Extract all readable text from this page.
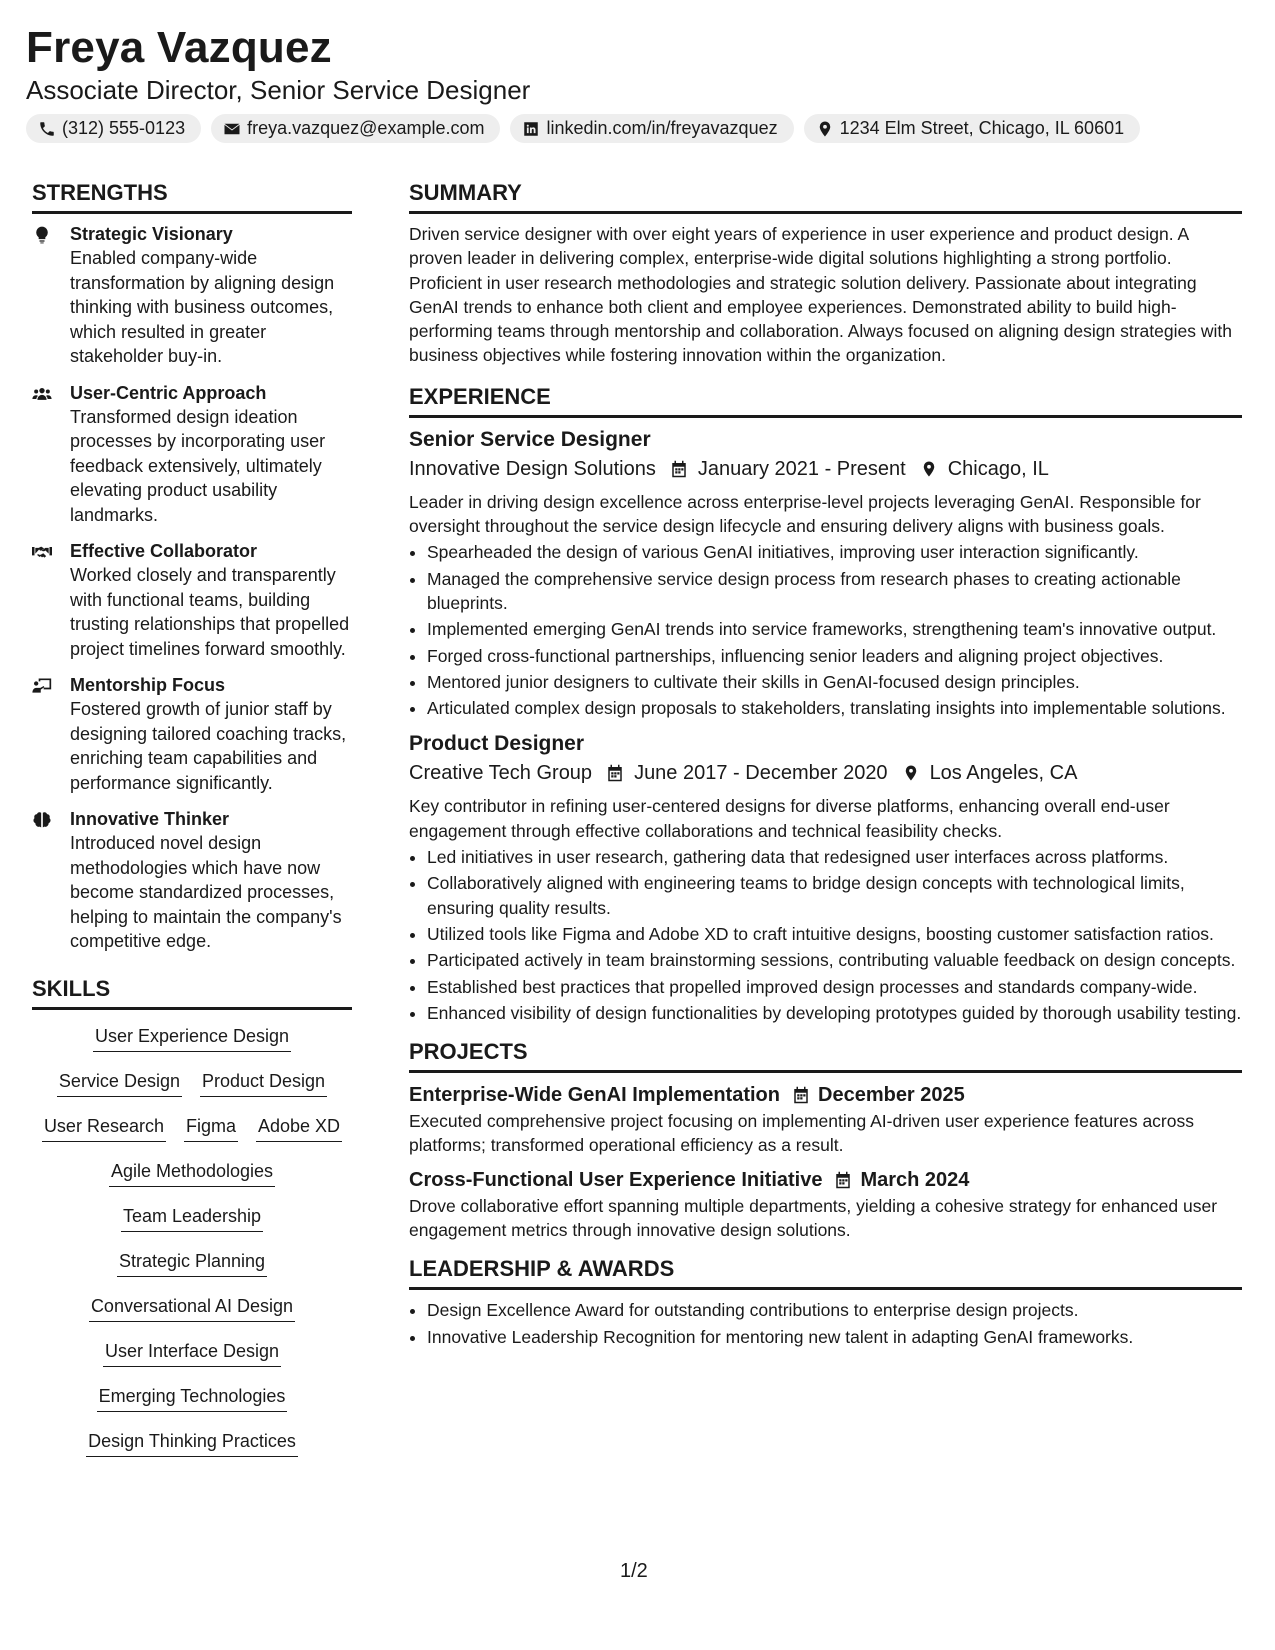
Freya Vazquez
Associate Director, Senior Service Designer
(312) 555-0123	freya.vazquez@example.com	linkedin.com/in/freyavazquez	1234 Elm Street, Chicago, IL 60601
STRENGTHS
Strategic Visionary
Enabled company-wide transformation by aligning design thinking with business outcomes, which resulted in greater stakeholder buy-in.
User-Centric Approach
Transformed design ideation processes by incorporating user feedback extensively, ultimately elevating product usability landmarks.
Effective Collaborator
Worked closely and transparently with functional teams, building trusting relationships that propelled project timelines forward smoothly.
Mentorship Focus
Fostered growth of junior staff by designing tailored coaching tracks, enriching team capabilities and performance significantly.
Innovative Thinker
Introduced novel design methodologies which have now become standardized processes, helping to maintain the company's competitive edge.
SKILLS
User Experience Design
Service Design Product Design
User Research Figma Adobe XD
Agile Methodologies
Team Leadership
Strategic Planning
Conversational AI Design
User Interface Design
Emerging Technologies
Design Thinking Practices
SUMMARY
Driven service designer with over eight years of experience in user experience and product design. A proven leader in delivering complex, enterprise-wide digital solutions highlighting a strong portfolio. Proficient in user research methodologies and strategic solution delivery. Passionate about integrating GenAI trends to enhance both client and employee experiences. Demonstrated ability to build high-performing teams through mentorship and collaboration. Always focused on aligning design strategies with business objectives while fostering innovation within the organization.
EXPERIENCE
Senior Service Designer
Innovative Design Solutions January 2021 - Present Chicago, IL
Leader in driving design excellence across enterprise-level projects leveraging GenAI. Responsible for oversight throughout the service design lifecycle and ensuring delivery aligns with business goals.
• Spearheaded the design of various GenAI initiatives, improving user interaction significantly.
• Managed the comprehensive service design process from research phases to creating actionable blueprints.
• Implemented emerging GenAI trends into service frameworks, strengthening team's innovative output.
• Forged cross-functional partnerships, influencing senior leaders and aligning project objectives.
• Mentored junior designers to cultivate their skills in GenAI-focused design principles.
• Articulated complex design proposals to stakeholders, translating insights into implementable solutions.
Product Designer
Creative Tech Group June 2017 - December 2020 Los Angeles, CA
Key contributor in refining user-centered designs for diverse platforms, enhancing overall end-user engagement through effective collaborations and technical feasibility checks.
• Led initiatives in user research, gathering data that redesigned user interfaces across platforms.
• Collaboratively aligned with engineering teams to bridge design concepts with technological limits, ensuring quality results.
• Utilized tools like Figma and Adobe XD to craft intuitive designs, boosting customer satisfaction ratios.
• Participated actively in team brainstorming sessions, contributing valuable feedback on design concepts.
• Established best practices that propelled improved design processes and standards company-wide.
• Enhanced visibility of design functionalities by developing prototypes guided by thorough usability testing.
PROJECTS
Enterprise-Wide GenAI Implementation December 2025
Executed comprehensive project focusing on implementing AI-driven user experience features across platforms; transformed operational efficiency as a result.
Cross-Functional User Experience Initiative March 2024
Drove collaborative effort spanning multiple departments, yielding a cohesive strategy for enhanced user engagement metrics through innovative design solutions.
LEADERSHIP & AWARDS
• Design Excellence Award for outstanding contributions to enterprise design projects.
• Innovative Leadership Recognition for mentoring new talent in adapting GenAI frameworks.
1/2
